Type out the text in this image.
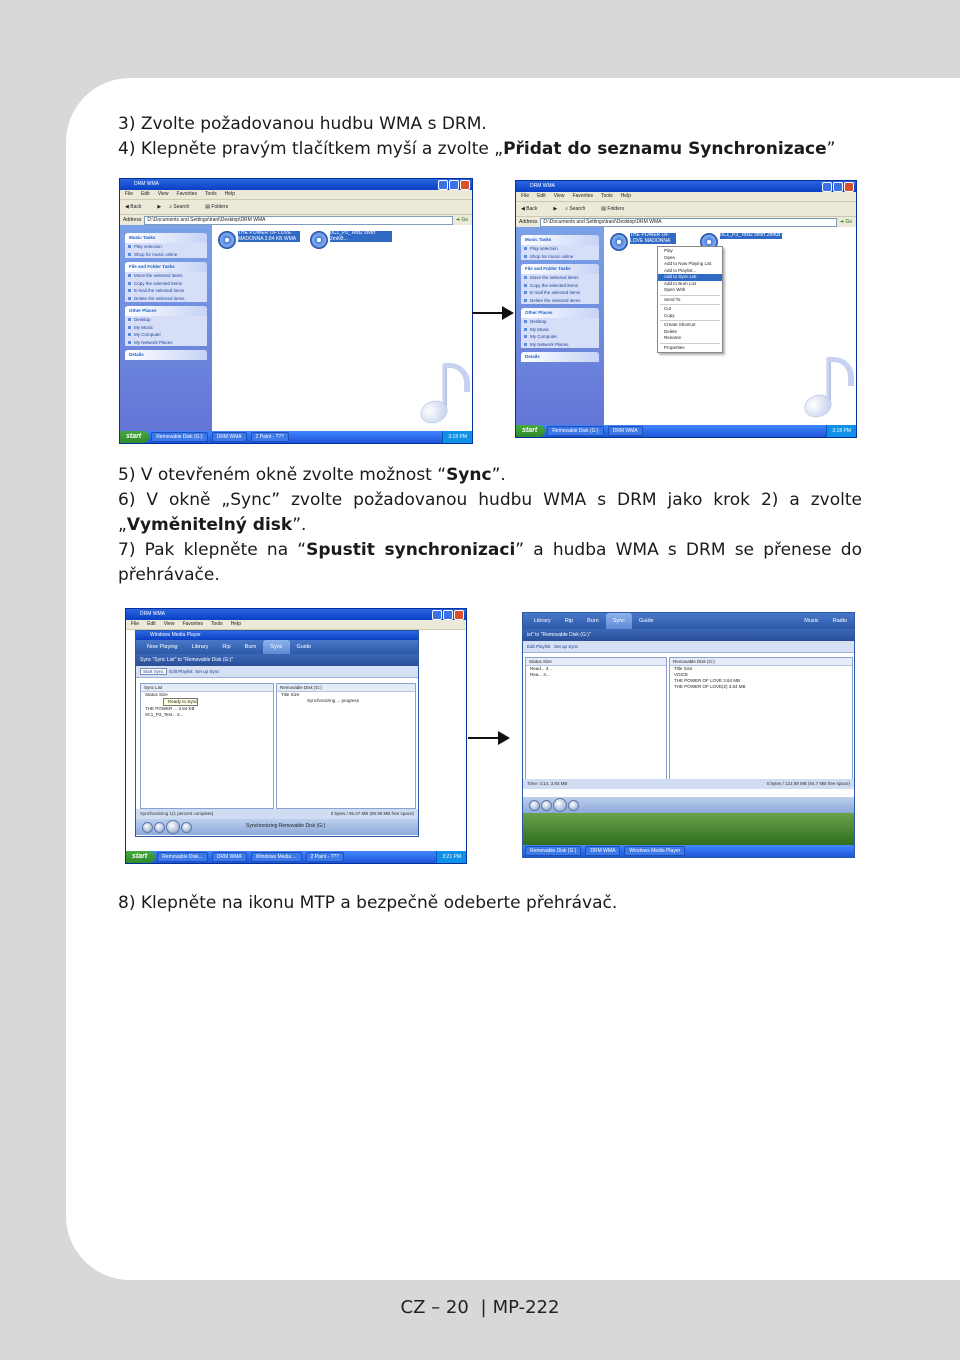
3) Zvolte požadovanou hudbu WMA s DRM.

4) Klepněte pravým tlačítkem myší a zvolte „Přidat do seznamu Synchronizace”

DRM WMA
File Edit View Favorites Tools Help
◀ Back	▶ ⌕ Search	▤ Folders
Address	D:\Documents and Settings\tranl\Desktop\DRM WMA	➔ Go
Music Tasks
Play selection
Shop for music online
File and Folder Tasks
Move the selected items
Copy the selected items
E-mail the selected items
Delete the selected items
Other Places
Desktop
My Music
My Computer
My Network Places
Details
THE POWER OF LOVE MADONNA 3.84 KB WMA
0C1_P3_Test2 short 2mKB...
start	Removable Disk (G:)	DRM WMA	2 Paint - ???	3:18 PM
DRM WMA
File Edit View Favorites Tools Help
◀ Back	▶ ⌕ Search	▤ Folders
Address	D:\Documents and Settings\tranl\Desktop\DRM WMA	➔ Go
Music Tasks
Play selection
Shop for music online
File and Folder Tasks
Move the selected items
Copy the selected items
E-mail the selected items
Delete the selected items
Other Places
Desktop
My Music
My Computer
My Network Places
Details
THE POWER OF LOVE MADONNA
0C1_P3_Test2 short 2mKB
Play
Open
Add to Now Playing List
Add to Playlist...
Add to Sync List
Add to Burn List
Open With
Send To
Cut
Copy
Create Shortcut
Delete
Rename
Properties
start	Removable Disk (G:)	DRM WMA	3:18 PM

5) V otevřeném okně zvolte možnost “Sync”.

6) V okně „Sync” zvolte požadovanou hudbu WMA s DRM jako krok 2) a zvolte „Vyměnitelný disk”.

7) Pak klepněte na “Spustit synchronizaci” a hudba WMA s DRM se přenese do přehrávače.

DRM WMA
File Edit View Favorites Tools Help
Windows Media Player
Now Playing	Library	Rip	Burn	Sync	Guide
Sync "Sync List" to "Removable Disk (G:)"
Start Sync Edit Playlist Set up Sync
Sync List
Status Size
Ready to Sync
THE POWER ... 3.84 KB
0C1_P3_Test... 3...
Removable Disk (G:)
Title Size
Synchronizing ... progress
Synchronizing 1(1 percent complete)	0 bytes / 96.37 MB (99.99 MB free space)
Synchronizing Removable Disk (G:)
start	Removable Disk...	DRM WMA	Windows Media ...	2 Paint - ???	3:21 PM
Library	Rip	Burn	Sync	Guide	Music	Radio
ist" to "Removable Disk (G:)"
Edit Playlist Set up Sync
Status Size
Read... 3...
Rea... 3...
Removable Disk (G:)
Title Size
VOICE
THE POWER OF LOVE 3.84 MB
THE POWER OF LOVE(2) 3.84 MB
Time: 4:14, 3.93 MB	0 bytes / 122.89 MB (94.7 MB free space)
Removable Disk (G:)	DRM WMA	Windows Media Player

8) Klepněte na ikonu MTP a bezpečně odeberte přehrávač.

CZ – 20 | MP-222
